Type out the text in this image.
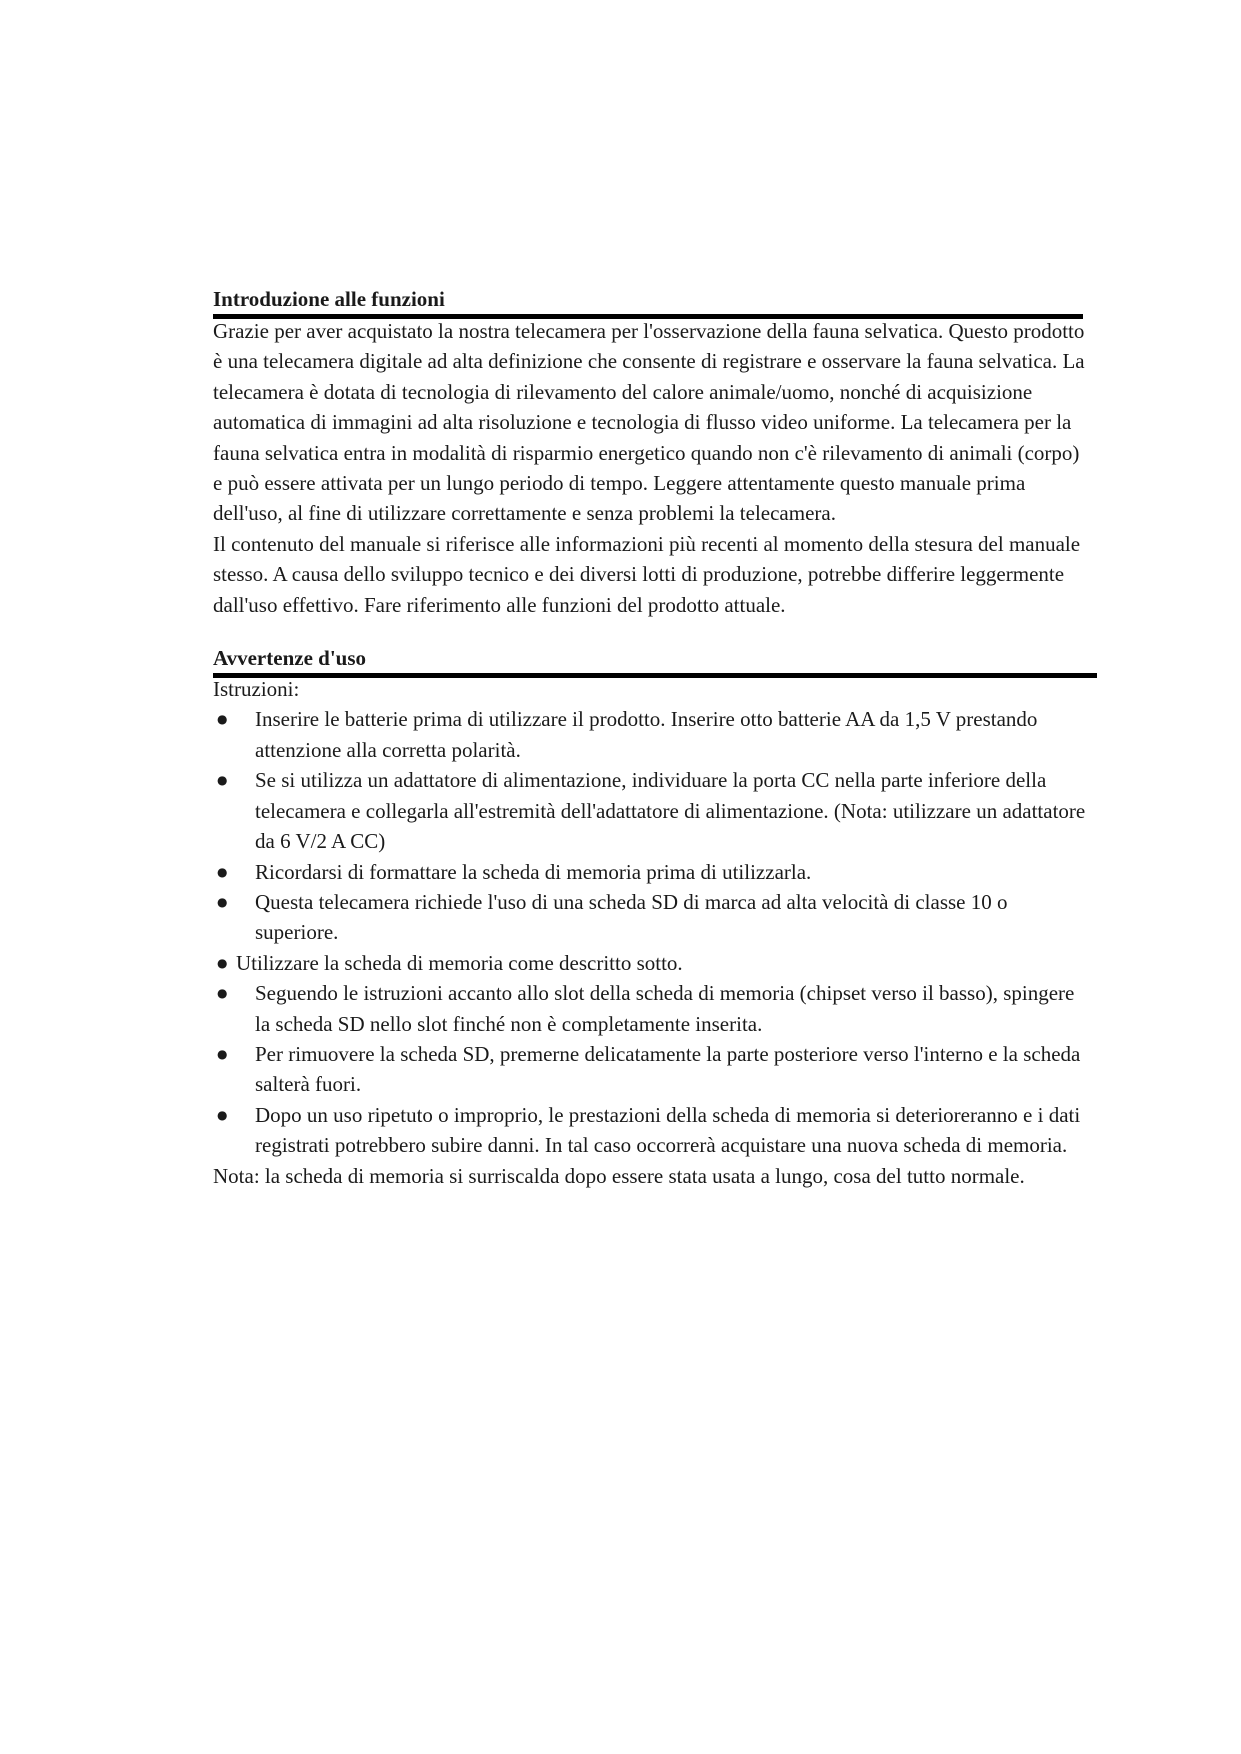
Introduzione alle funzioni

Grazie per aver acquistato la nostra telecamera per l'osservazione della fauna selvatica. Questo prodotto è una telecamera digitale ad alta definizione che consente di registrare e osservare la fauna selvatica. La telecamera è dotata di tecnologia di rilevamento del calore animale/uomo, nonché di acquisizione automatica di immagini ad alta risoluzione e tecnologia di flusso video uniforme. La telecamera per la fauna selvatica entra in modalità di risparmio energetico quando non c'è rilevamento di animali (corpo) e può essere attivata per un lungo periodo di tempo. Leggere attentamente questo manuale prima dell'uso, al fine di utilizzare correttamente e senza problemi la telecamera.

Il contenuto del manuale si riferisce alle informazioni più recenti al momento della stesura del manuale stesso. A causa dello sviluppo tecnico e dei diversi lotti di produzione, potrebbe differire leggermente dall'uso effettivo. Fare riferimento alle funzioni del prodotto attuale.

Avvertenze d'uso

Istruzioni:

● Inserire le batterie prima di utilizzare il prodotto. Inserire otto batterie AA da 1,5 V prestando attenzione alla corretta polarità.
● Se si utilizza un adattatore di alimentazione, individuare la porta CC nella parte inferiore della telecamera e collegarla all'estremità dell'adattatore di alimentazione. (Nota: utilizzare un adattatore da 6 V/2 A CC)
● Ricordarsi di formattare la scheda di memoria prima di utilizzarla.
● Questa telecamera richiede l'uso di una scheda SD di marca ad alta velocità di classe 10 o superiore.
● Utilizzare la scheda di memoria come descritto sotto.
● Seguendo le istruzioni accanto allo slot della scheda di memoria (chipset verso il basso), spingere la scheda SD nello slot finché non è completamente inserita.
● Per rimuovere la scheda SD, premerne delicatamente la parte posteriore verso l'interno e la scheda salterà fuori.
● Dopo un uso ripetuto o improprio, le prestazioni della scheda di memoria si deterioreranno e i dati registrati potrebbero subire danni. In tal caso occorrerà acquistare una nuova scheda di memoria.

Nota: la scheda di memoria si surriscalda dopo essere stata usata a lungo, cosa del tutto normale.
